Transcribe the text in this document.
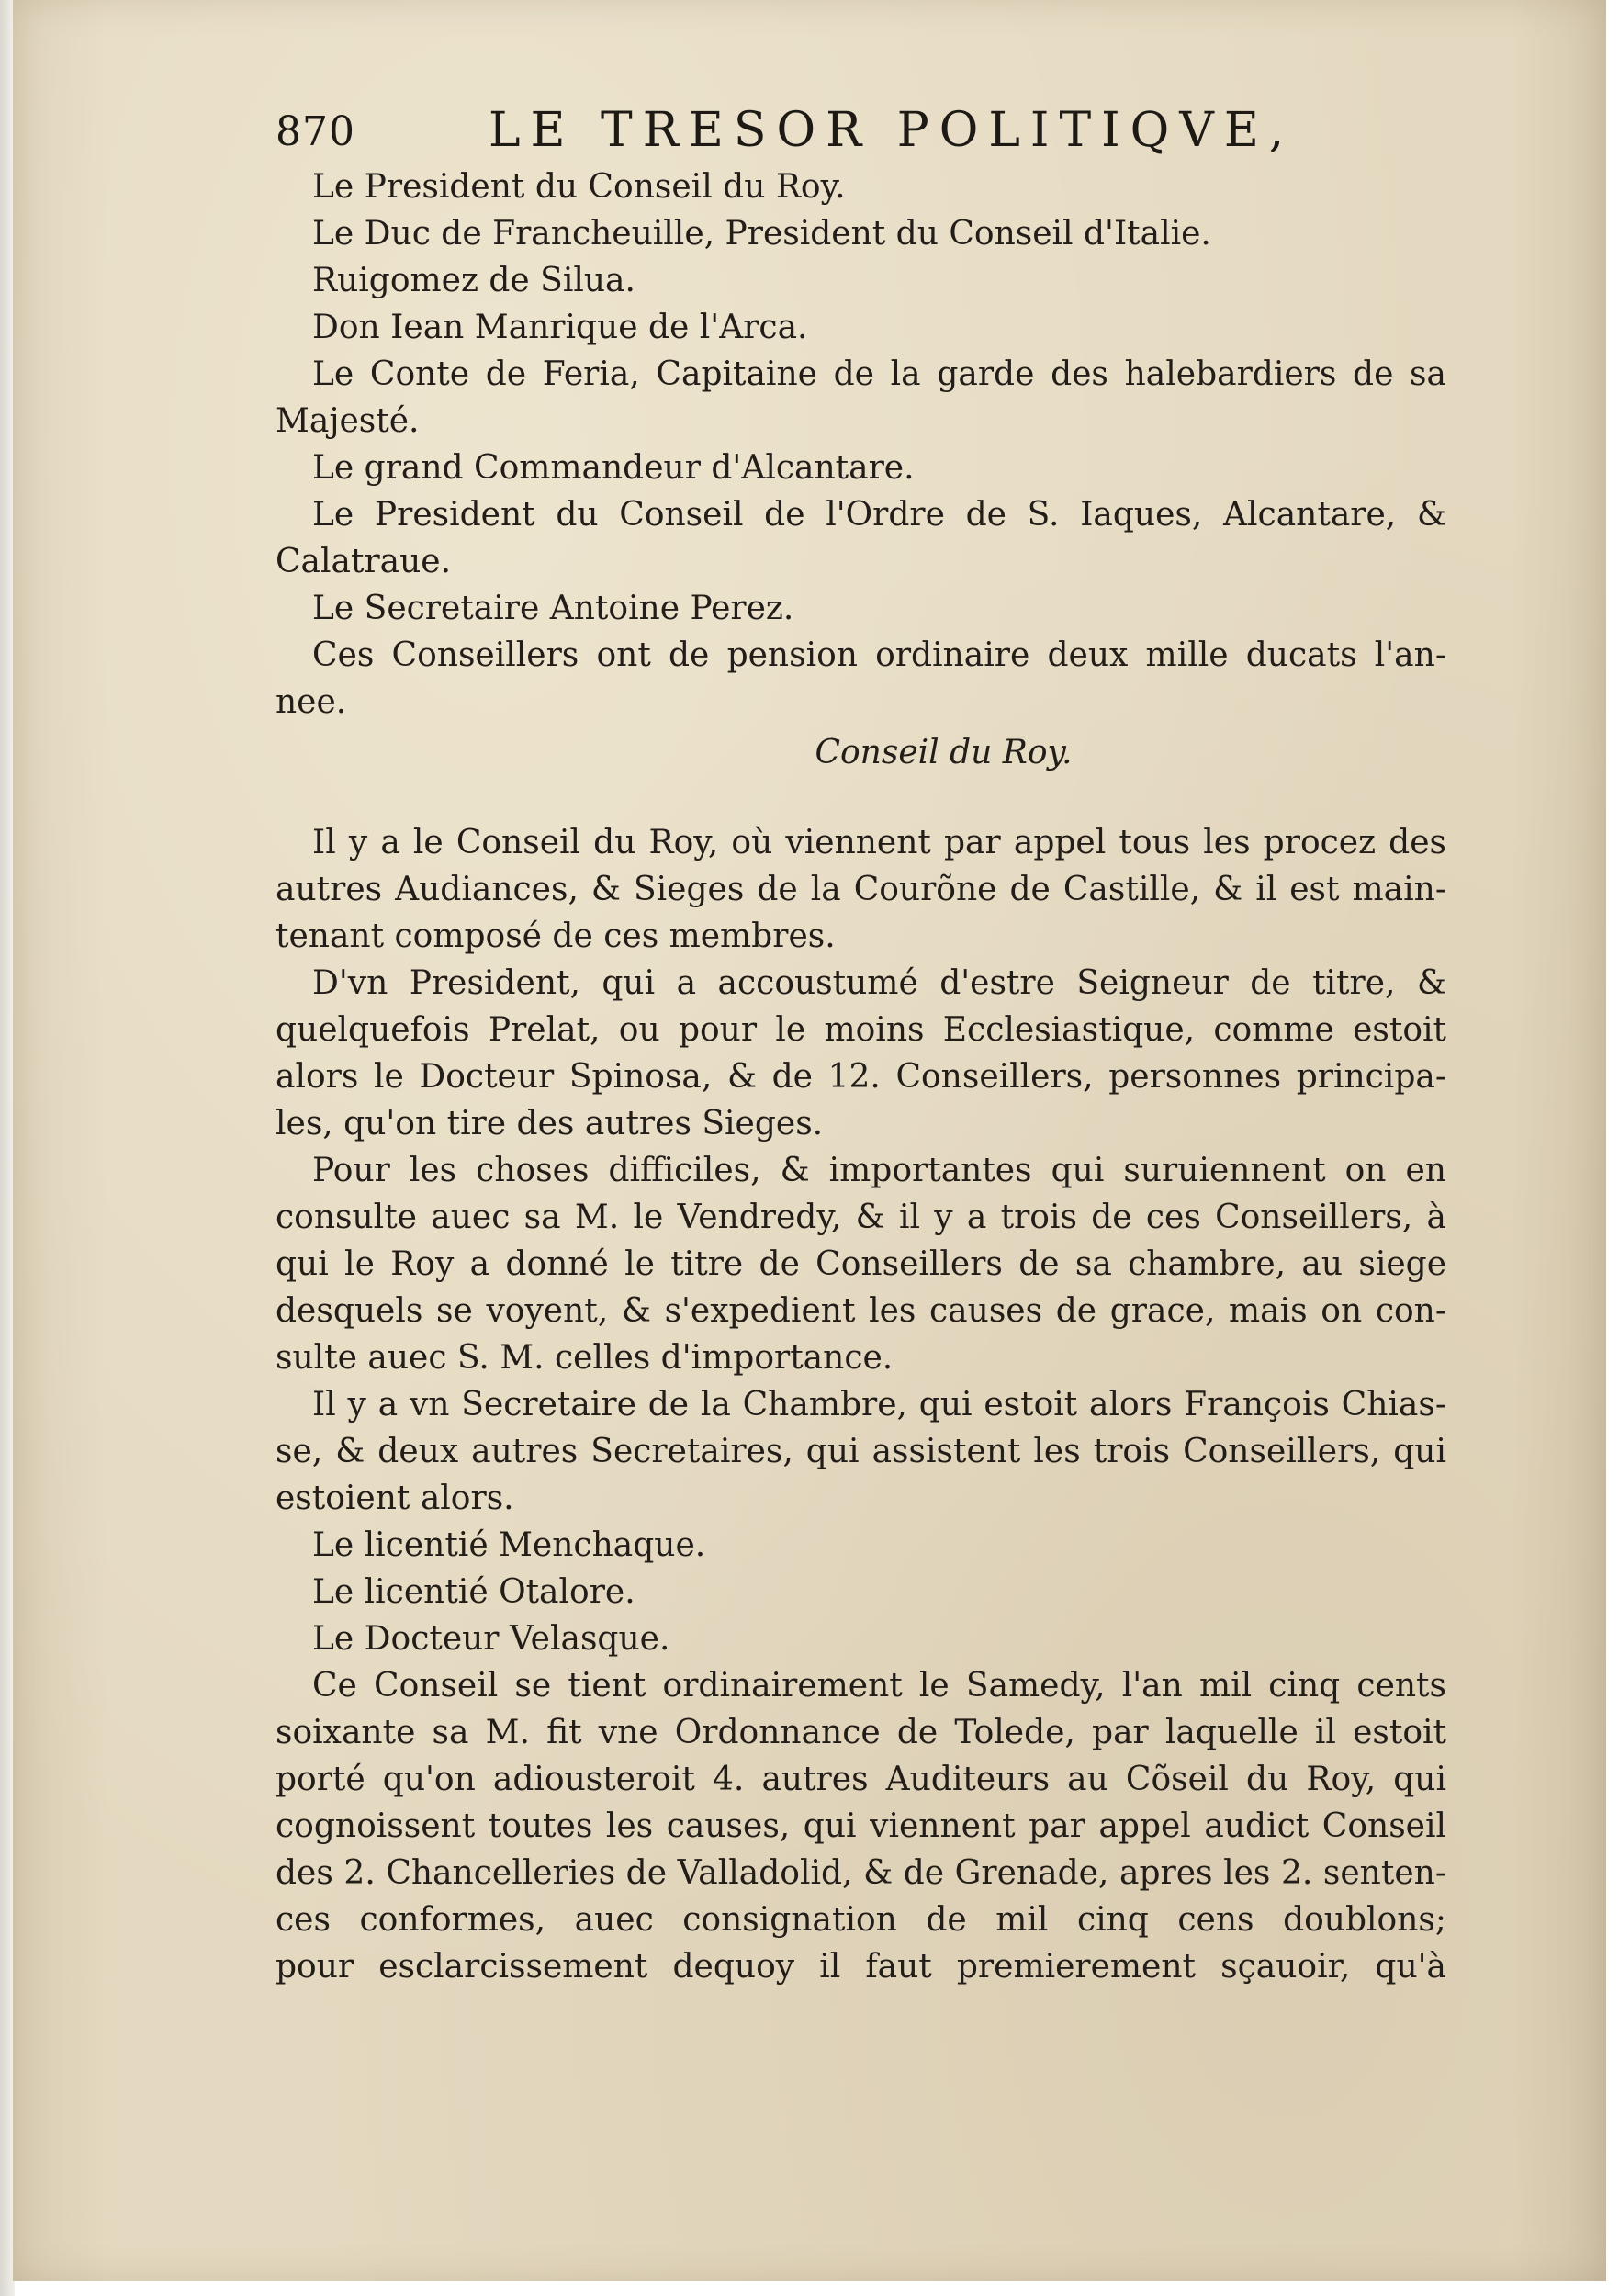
870	LE TRESOR POLITIQVE,
Le President du Conseil du Roy.
Le Duc de Francheuille, President du Conseil d'Italie.
Ruigomez de Silua.
Don Iean Manrique de l'Arca.
Le Conte de Feria, Capitaine de la garde des halebardiers de sa
Majesté.
Le grand Commandeur d'Alcantare.
Le President du Conseil de l'Ordre de S. Iaques, Alcantare, &
Calatraue.
Le Secretaire Antoine Perez.
Ces Conseillers ont de pension ordinaire deux mille ducats l'an-
nee.
Conseil du Roy.
Il y a le Conseil du Roy, où viennent par appel tous les procez des
autres Audiances, & Sieges de la Courõne de Castille, & il est main-
tenant composé de ces membres.
D'vn President, qui a accoustumé d'estre Seigneur de titre, &
quelquefois Prelat, ou pour le moins Ecclesiastique, comme estoit
alors le Docteur Spinosa, & de 12. Conseillers, personnes principa-
les, qu'on tire des autres Sieges.
Pour les choses difficiles, & importantes qui suruiennent on en
consulte auec sa M. le Vendredy, & il y a trois de ces Conseillers, à
qui le Roy a donné le titre de Conseillers de sa chambre, au siege
desquels se voyent, & s'expedient les causes de grace, mais on con-
sulte auec S. M. celles d'importance.
Il y a vn Secretaire de la Chambre, qui estoit alors François Chias-
se, & deux autres Secretaires, qui assistent les trois Conseillers, qui
estoient alors.
Le licentié Menchaque.
Le licentié Otalore.
Le Docteur Velasque.
Ce Conseil se tient ordinairement le Samedy, l'an mil cinq cents
soixante sa M. fit vne Ordonnance de Tolede, par laquelle il estoit
porté qu'on adiousteroit 4. autres Auditeurs au Cõseil du Roy, qui
cognoissent toutes les causes, qui viennent par appel audict Conseil
des 2. Chancelleries de Valladolid, & de Grenade, apres les 2. senten-
ces conformes, auec consignation de mil cinq cens doublons;
pour esclarcissement dequoy il faut premierement sçauoir, qu'à
